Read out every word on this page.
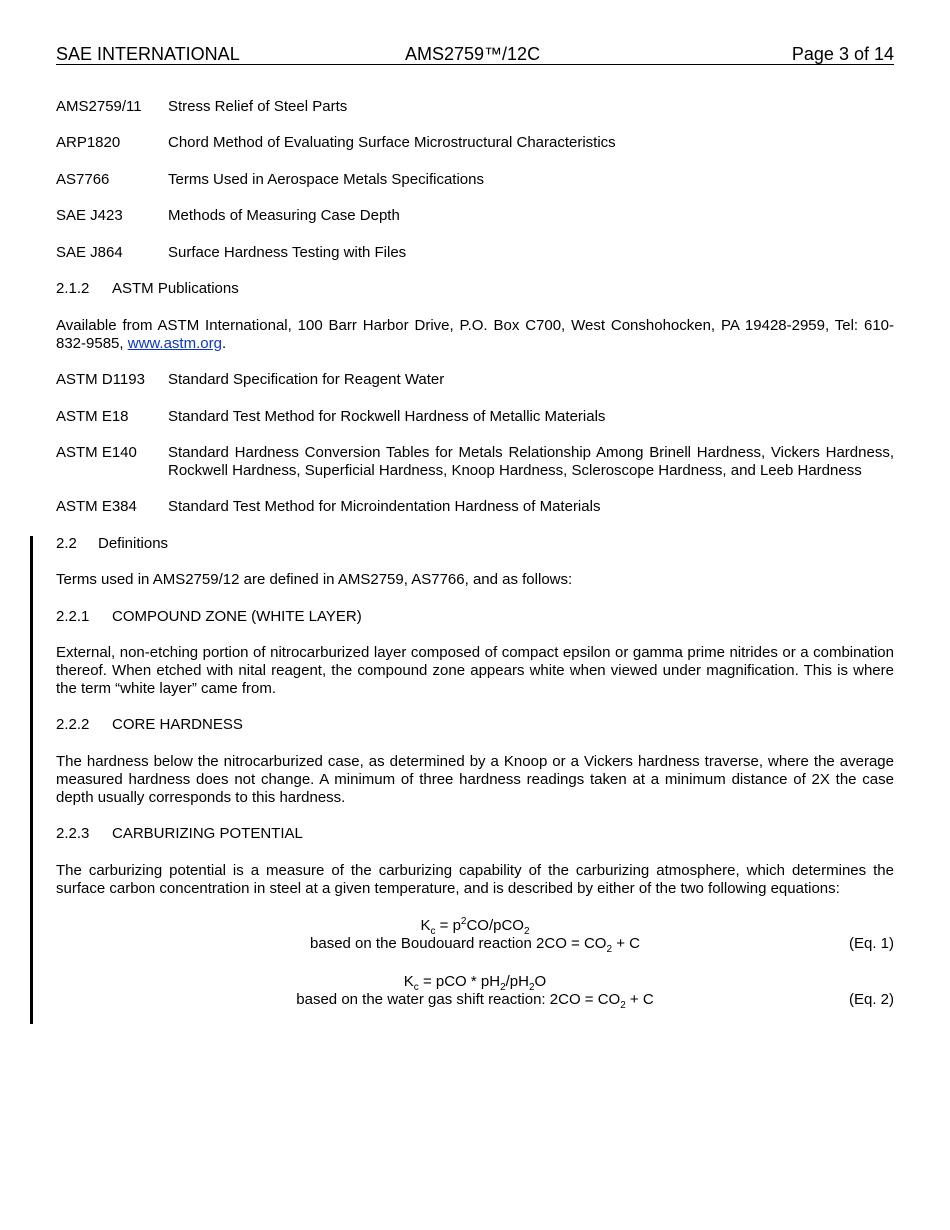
SAE INTERNATIONAL	AMS2759™/12C	Page 3 of 14
AMS2759/11 Stress Relief of Steel Parts
ARP1820	Chord Method of Evaluating Surface Microstructural Characteristics
AS7766	Terms Used in Aerospace Metals Specifications
SAE J423	Methods of Measuring Case Depth
SAE J864	Surface Hardness Testing with Files
2.1.2 ASTM Publications
Available from ASTM International, 100 Barr Harbor Drive, P.O. Box C700, West Conshohocken, PA 19428-2959, Tel: 610-832-9585, www.astm.org.
ASTM D1193 Standard Specification for Reagent Water
ASTM E18	Standard Test Method for Rockwell Hardness of Metallic Materials
ASTM E140 Standard Hardness Conversion Tables for Metals Relationship Among Brinell Hardness, Vickers Hardness, Rockwell Hardness, Superficial Hardness, Knoop Hardness, Scleroscope Hardness, and Leeb Hardness
ASTM E384 Standard Test Method for Microindentation Hardness of Materials
2.2 Definitions
Terms used in AMS2759/12 are defined in AMS2759, AS7766, and as follows:
2.2.1 COMPOUND ZONE (WHITE LAYER)
External, non-etching portion of nitrocarburized layer composed of compact epsilon or gamma prime nitrides or a combination thereof. When etched with nital reagent, the compound zone appears white when viewed under magnification. This is where the term “white layer” came from.
2.2.2 CORE HARDNESS
The hardness below the nitrocarburized case, as determined by a Knoop or a Vickers hardness traverse, where the average measured hardness does not change. A minimum of three hardness readings taken at a minimum distance of 2X the case depth usually corresponds to this hardness.
2.2.3 CARBURIZING POTENTIAL
The carburizing potential is a measure of the carburizing capability of the carburizing atmosphere, which determines the surface carbon concentration in steel at a given temperature, and is described by either of the two following equations:
$K_c = p^2CO/pCO_2$
based on the Boudouard reaction $2CO = CO_2 + C$	(Eq. 1)
$K_c$ = pCO * $pH_2/pH_2O$
based on the water gas shift reaction: $2CO = CO_2 + C$	(Eq. 2)
